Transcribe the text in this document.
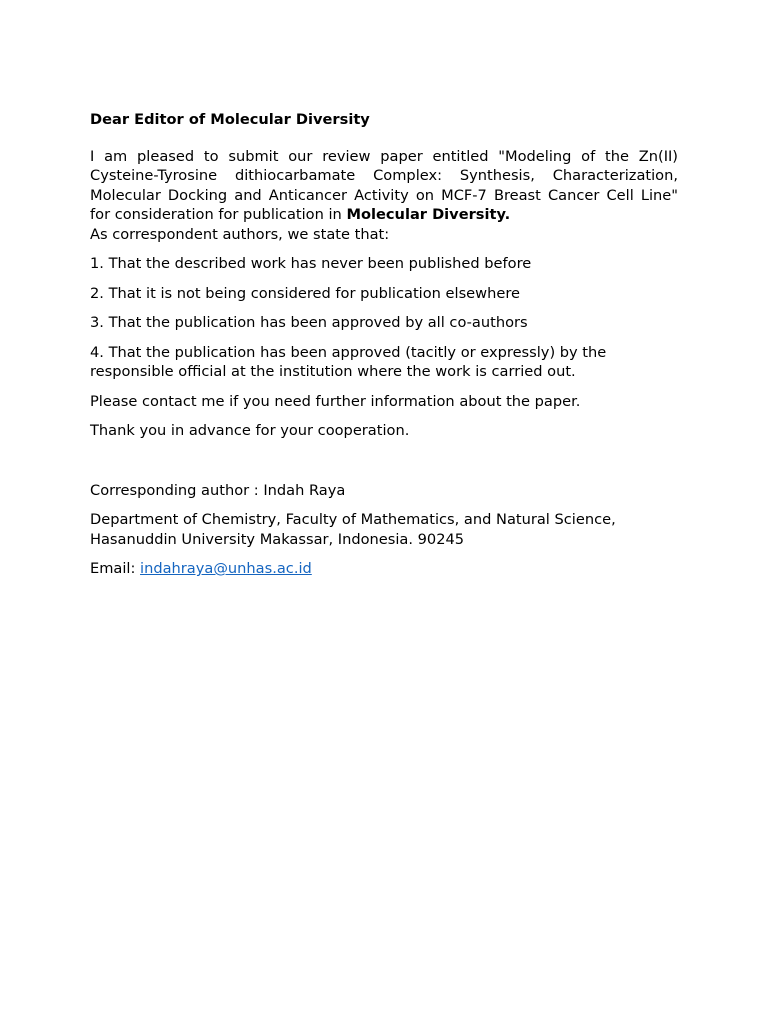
Dear Editor of Molecular Diversity

I am pleased to submit our review paper entitled "Modeling of the Zn(II)

Cysteine-Tyrosine dithiocarbamate Complex: Synthesis, Characterization,

Molecular Docking and Anticancer Activity on MCF-7 Breast Cancer Cell Line"

for consideration for publication in Molecular Diversity.

As correspondent authors, we state that:

1. That the described work has never been published before

2. That it is not being considered for publication elsewhere

3. That the publication has been approved by all co-authors

4. That the publication has been approved (tacitly or expressly) by the responsible official at the institution where the work is carried out.

Please contact me if you need further information about the paper.

Thank you in advance for your cooperation.

Corresponding author : Indah Raya

Department of Chemistry, Faculty of Mathematics, and Natural Science,

Hasanuddin University Makassar, Indonesia. 90245

Email: indahraya@unhas.ac.id
